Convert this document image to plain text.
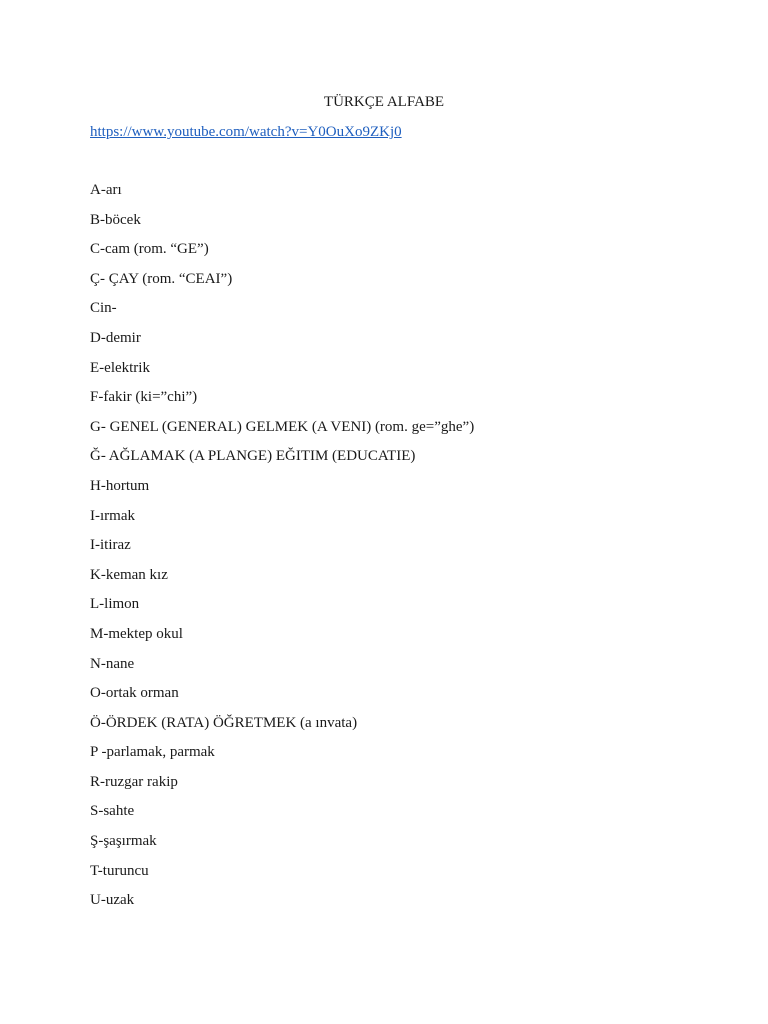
TÜRKÇE ALFABE
https://www.youtube.com/watch?v=Y0OuXo9ZKj0
A-arı
B-böcek
C-cam (rom. “GE”)
Ç- ÇAY (rom. “CEAI”)
Cin-
D-demir
E-elektrik
F-fakir (ki=”chi”)
G- GENEL (GENERAL) GELMEK (A VENI) (rom. ge=”ghe”)
Ğ- AĞLAMAK (A PLANGE) EĞITIM (EDUCATIE)
H-hortum
I-ırmak
I-itiraz
K-keman kız
L-limon
M-mektep okul
N-nane
O-ortak orman
Ö-ÖRDEK (RATA) ÖĞRETMEK (a ınvata)
P -parlamak, parmak
R-ruzgar rakip
S-sahte
Ş-şaşırmak
T-turuncu
U-uzak
